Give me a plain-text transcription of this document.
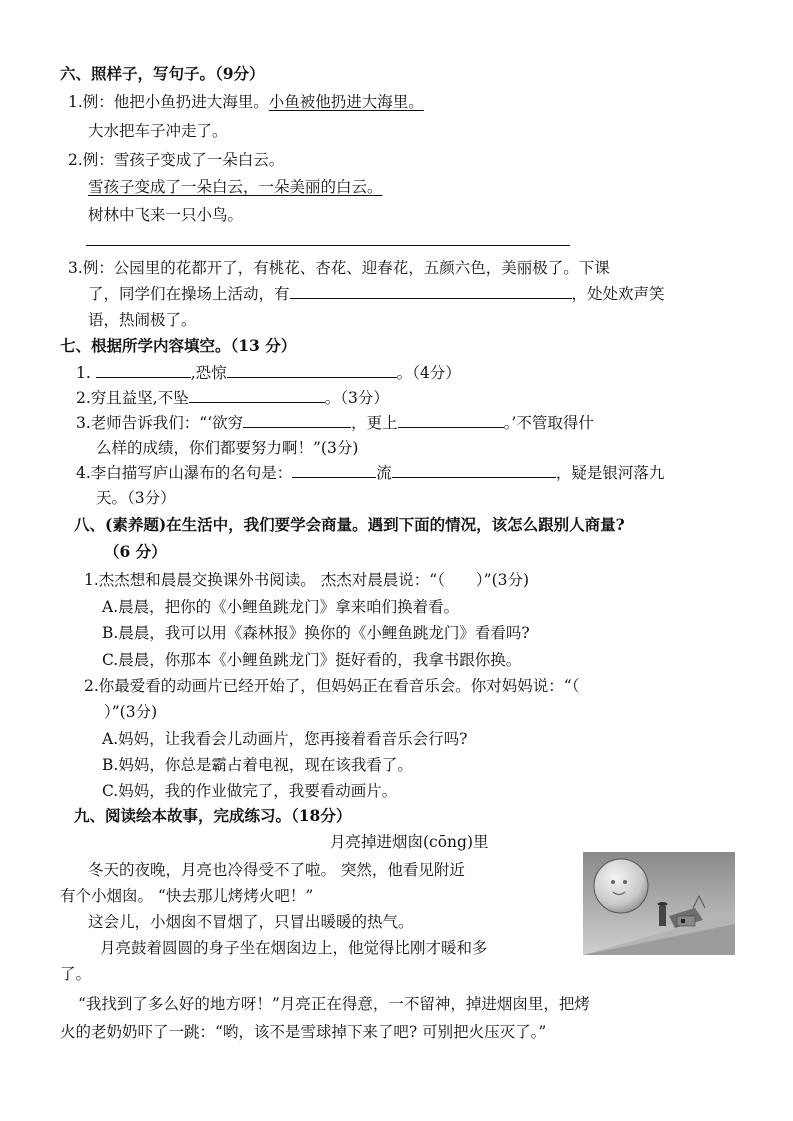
六、照样子，写句子。（9分）
1.例：他把小鱼扔进大海里。小鱼被他扔进大海里。
大水把车子冲走了。
2.例：雪孩子变成了一朵白云。
雪孩子变成了一朵白云，一朵美丽的白云。
树林中飞来一只小鸟。
3.例：公园里的花都开了，有桃花、杏花、迎春花，五颜六色，美丽极了。下课
了，同学们在操场上活动，有	，处处欢声笑
语，热闹极了。
七、根据所学内容填空。（13 分）
1.	,恐惊	。（4分）
2.穷且益坚,不坠	。（3分）
3.老师告诉我们：“‘欲穷	，更上	。’不管取得什
么样的成绩，你们都要努力啊！”(3分)
4.李白描写庐山瀑布的名句是：	流	，疑是银河落九
天。（3分）
八、(素养题)在生活中，我们要学会商量。遇到下面的情况，该怎么跟别人商量?
（6 分）
1.杰杰想和晨晨交换课外书阅读。 杰杰对晨晨说：“（　　）”(3分)
A.晨晨，把你的《小鲤鱼跳龙门》拿来咱们换着看。
B.晨晨，我可以用《森林报》换你的《小鲤鱼跳龙门》看看吗?
C.晨晨，你那本《小鲤鱼跳龙门》挺好看的，我拿书跟你换。
2.你最爱看的动画片已经开始了，但妈妈正在看音乐会。你对妈妈说：“（
）”(3分)
A.妈妈，让我看会儿动画片，您再接着看音乐会行吗?
B.妈妈，你总是霸占着电视，现在该我看了。
C.妈妈，我的作业做完了，我要看动画片。
九、阅读绘本故事，完成练习。（18分）
月亮掉进烟囱(cōng)里
冬天的夜晚，月亮也冷得受不了啦。 突然，他看见附近
有个小烟囱。 “快去那儿烤烤火吧！”
这会儿，小烟囱不冒烟了，只冒出暖暖的热气。
月亮鼓着圆圆的身子坐在烟囱边上，他觉得比刚才暖和多
了。
“我找到了多么好的地方呀！”月亮正在得意，一不留神，掉进烟囱里，把烤
火的老奶奶吓了一跳：“哟，该不是雪球掉下来了吧? 可别把火压灭了。”
